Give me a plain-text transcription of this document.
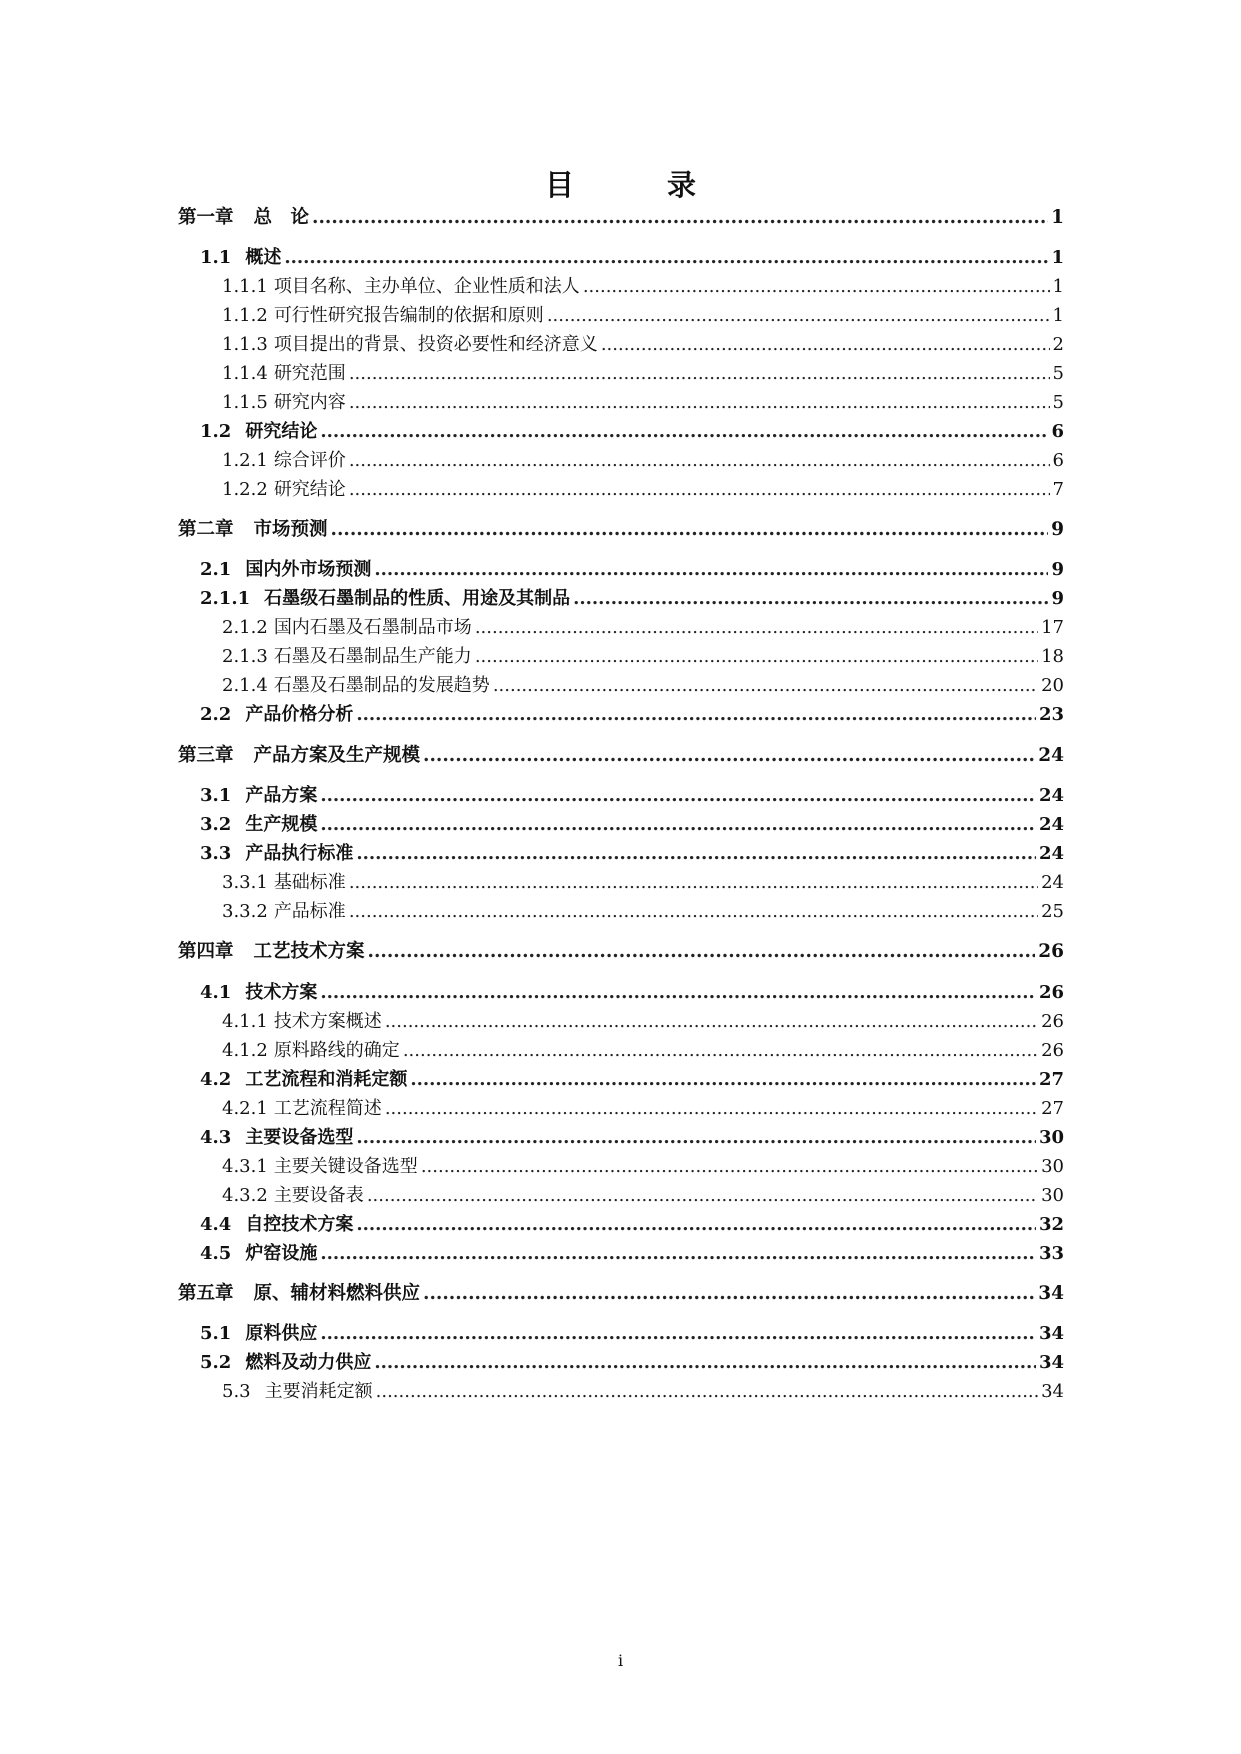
目　录
第一章 总　论 .....	1
1.1 概述 .....	1
1.1.1 项目名称、主办单位、企业性质和法人 .....	1
1.1.2 可行性研究报告编制的依据和原则 .....	1
1.1.3 项目提出的背景、投资必要性和经济意义 .....	2
1.1.4 研究范围 .....	5
1.1.5 研究内容 .....	5
1.2 研究结论 .....	6
1.2.1 综合评价 .....	6
1.2.2 研究结论 .....	7
第二章 市场预测 .....	9
2.1 国内外市场预测 .....	9
2.1.1 石墨级石墨制品的性质、用途及其制品 .....	9
2.1.2 国内石墨及石墨制品市场 .....	17
2.1.3 石墨及石墨制品生产能力 .....	18
2.1.4 石墨及石墨制品的发展趋势 .....	20
2.2 产品价格分析 .....	23
第三章 产品方案及生产规模 .....	24
3.1 产品方案 .....	24
3.2 生产规模 .....	24
3.3 产品执行标准 .....	24
3.3.1 基础标准 .....	24
3.3.2 产品标准 .....	25
第四章 工艺技术方案 .....	26
4.1 技术方案 .....	26
4.1.1 技术方案概述 .....	26
4.1.2 原料路线的确定 .....	26
4.2 工艺流程和消耗定额 .....	27
4.2.1 工艺流程简述 .....	27
4.3 主要设备选型 .....	30
4.3.1 主要关键设备选型 .....	30
4.3.2 主要设备表 .....	30
4.4 自控技术方案 .....	32
4.5 炉窑设施 .....	33
第五章 原、辅材料燃料供应 .....	34
5.1 原料供应 .....	34
5.2 燃料及动力供应 .....	34
5.3 主要消耗定额 .....	34
i
